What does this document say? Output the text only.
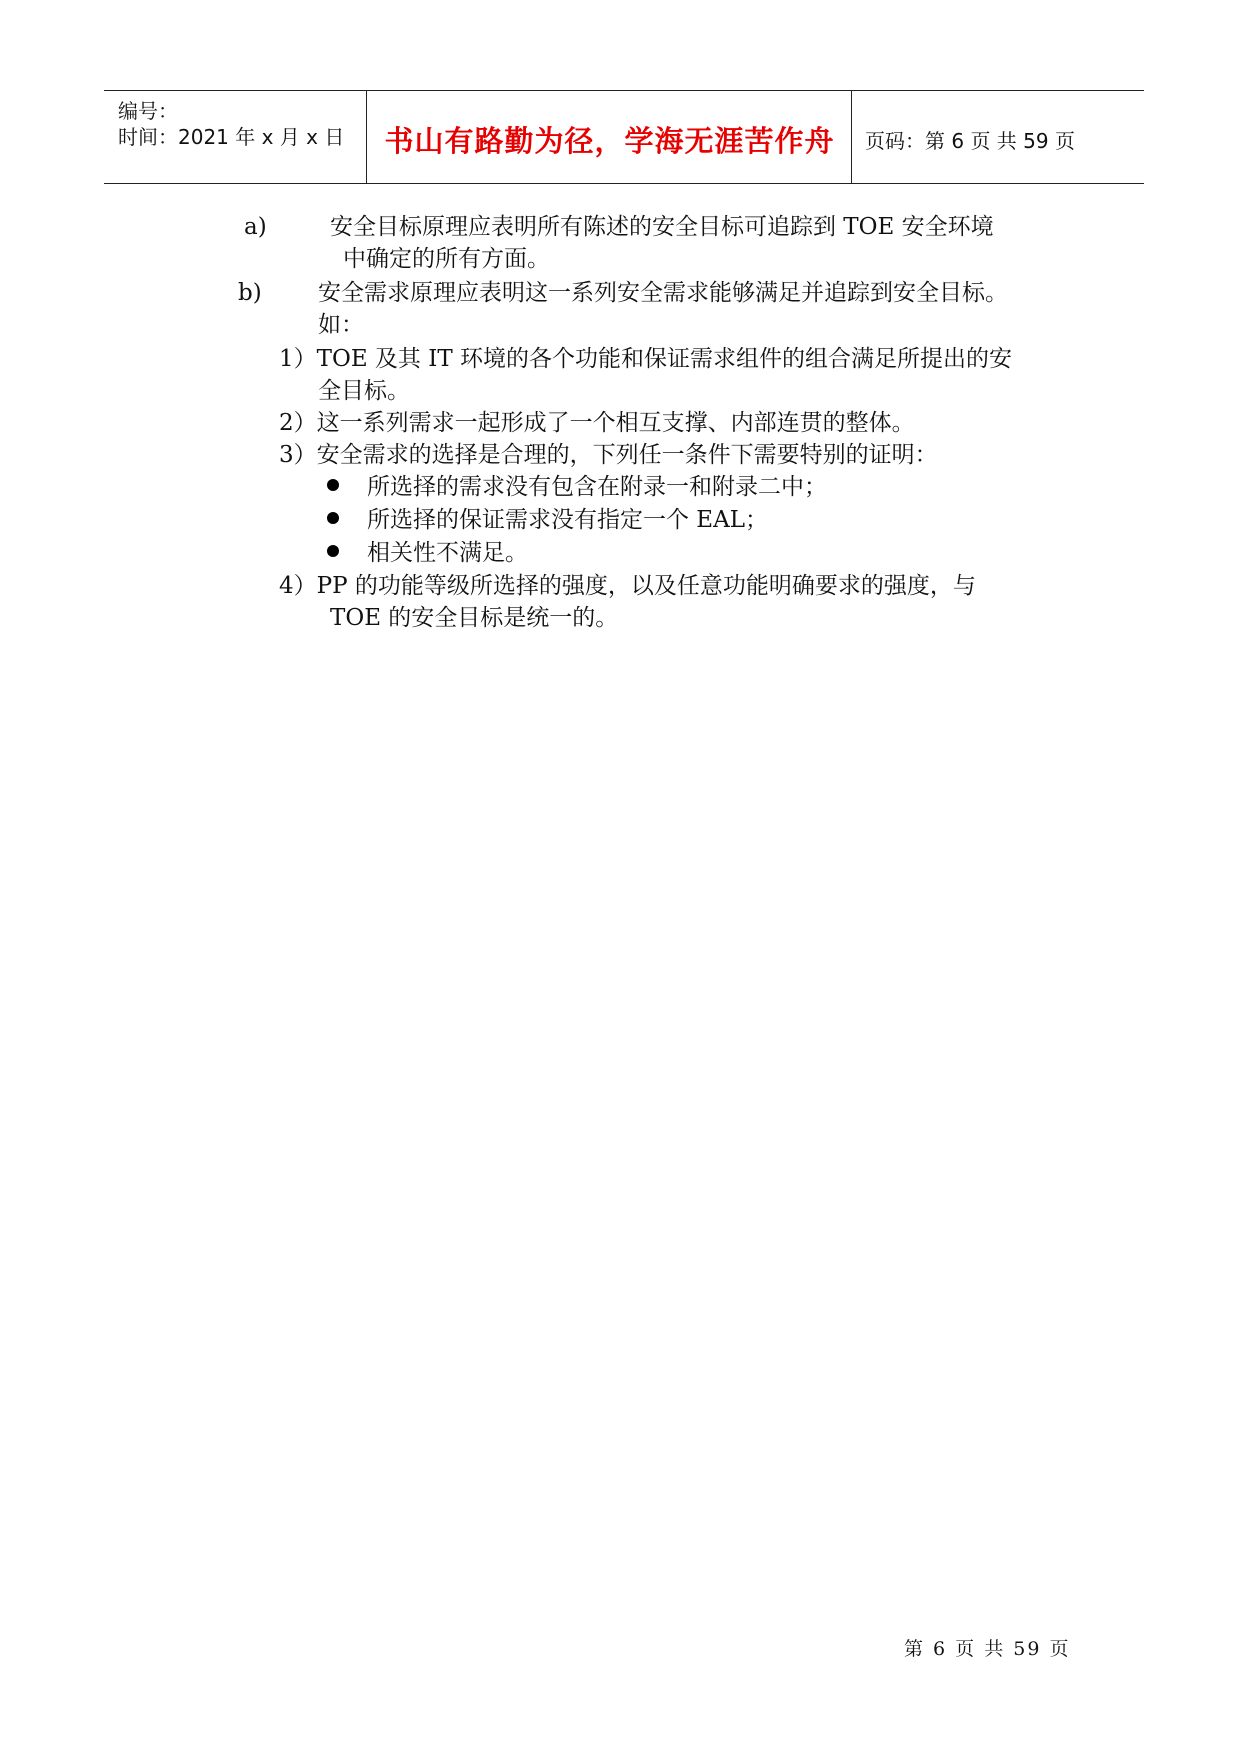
编号：
时间：2021 年 x 月 x 日	书山有路勤为径，学海无涯苦作舟	页码：第 6 页 共 59 页
a)	安全目标原理应表明所有陈述的安全目标可追踪到 TOE 安全环境
中确定的所有方面。
b) 安全需求原理应表明这一系列安全需求能够满足并追踪到安全目标。
如：
1）TOE 及其 IT 环境的各个功能和保证需求组件的组合满足所提出的安
全目标。
2）这一系列需求一起形成了一个相互支撑、内部连贯的整体。
3）安全需求的选择是合理的，下列任一条件下需要特别的证明：
所选择的需求没有包含在附录一和附录二中；
所选择的保证需求没有指定一个 EAL；
相关性不满足。
4）PP 的功能等级所选择的强度，以及任意功能明确要求的强度，与
TOE 的安全目标是统一的。
第 6 页 共 59 页
